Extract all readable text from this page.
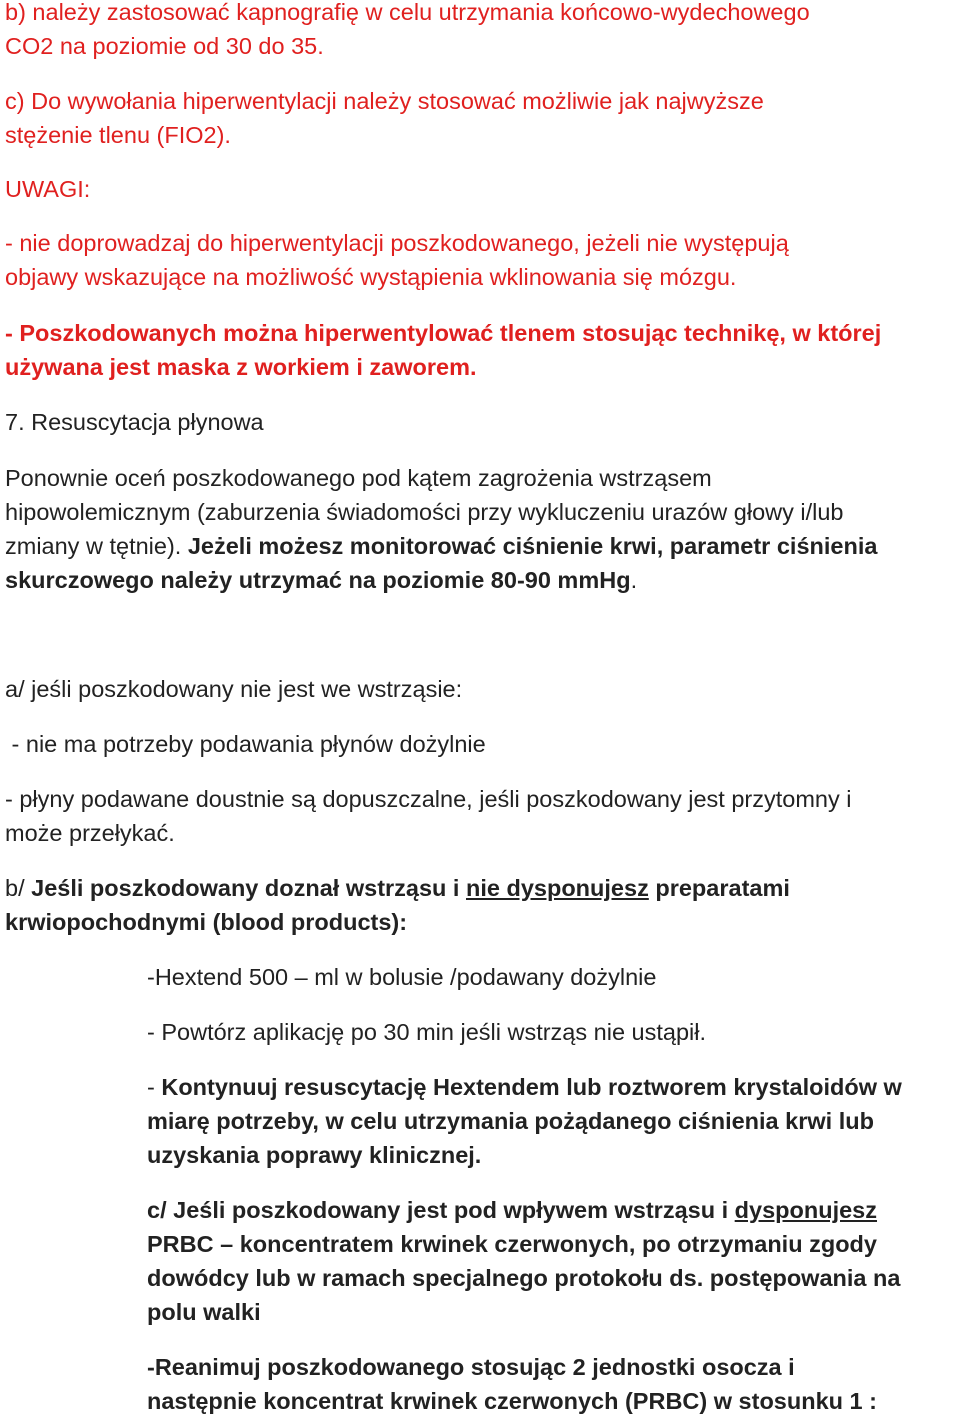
b) należy zastosować kapnografię w celu utrzymania końcowo-wydechowego
CO2 na poziomie od 30 do 35.

c) Do wywołania hiperwentylacji należy stosować możliwie jak najwyższe
stężenie tlenu (FIO2).

UWAGI:

- nie doprowadzaj do hiperwentylacji poszkodowanego, jeżeli nie występują
objawy wskazujące na możliwość wystąpienia wklinowania się mózgu.

- Poszkodowanych można hiperwentylować tlenem stosując technikę, w której
używana jest maska z workiem i zaworem.

7. Resuscytacja płynowa

Ponownie oceń poszkodowanego pod kątem zagrożenia wstrząsem
hipowolemicznym (zaburzenia świadomości przy wykluczeniu urazów głowy i/lub
zmiany w tętnie). Jeżeli możesz monitorować ciśnienie krwi, parametr ciśnienia
skurczowego należy utrzymać na poziomie 80-90 mmHg.

a/ jeśli poszkodowany nie jest we wstrząsie:

- nie ma potrzeby podawania płynów dożylnie

- płyny podawane doustnie są dopuszczalne, jeśli poszkodowany jest przytomny i
może przełykać.

b/ Jeśli poszkodowany doznał wstrząsu i nie dysponujesz preparatami
krwiopochodnymi (blood products):

-Hextend 500 – ml w bolusie /podawany dożylnie

- Powtórz aplikację po 30 min jeśli wstrząs nie ustąpił.

- Kontynuuj resuscytację Hextendem lub roztworem krystaloidów w
miarę potrzeby, w celu utrzymania pożądanego ciśnienia krwi lub
uzyskania poprawy klinicznej.

c/ Jeśli poszkodowany jest pod wpływem wstrząsu i dysponujesz
PRBC – koncentratem krwinek czerwonych, po otrzymaniu zgody
dowódcy lub w ramach specjalnego protokołu ds. postępowania na
polu walki

-Reanimuj poszkodowanego stosując 2 jednostki osocza i
następnie koncentrat krwinek czerwonych (PRBC) w stosunku 1 :
